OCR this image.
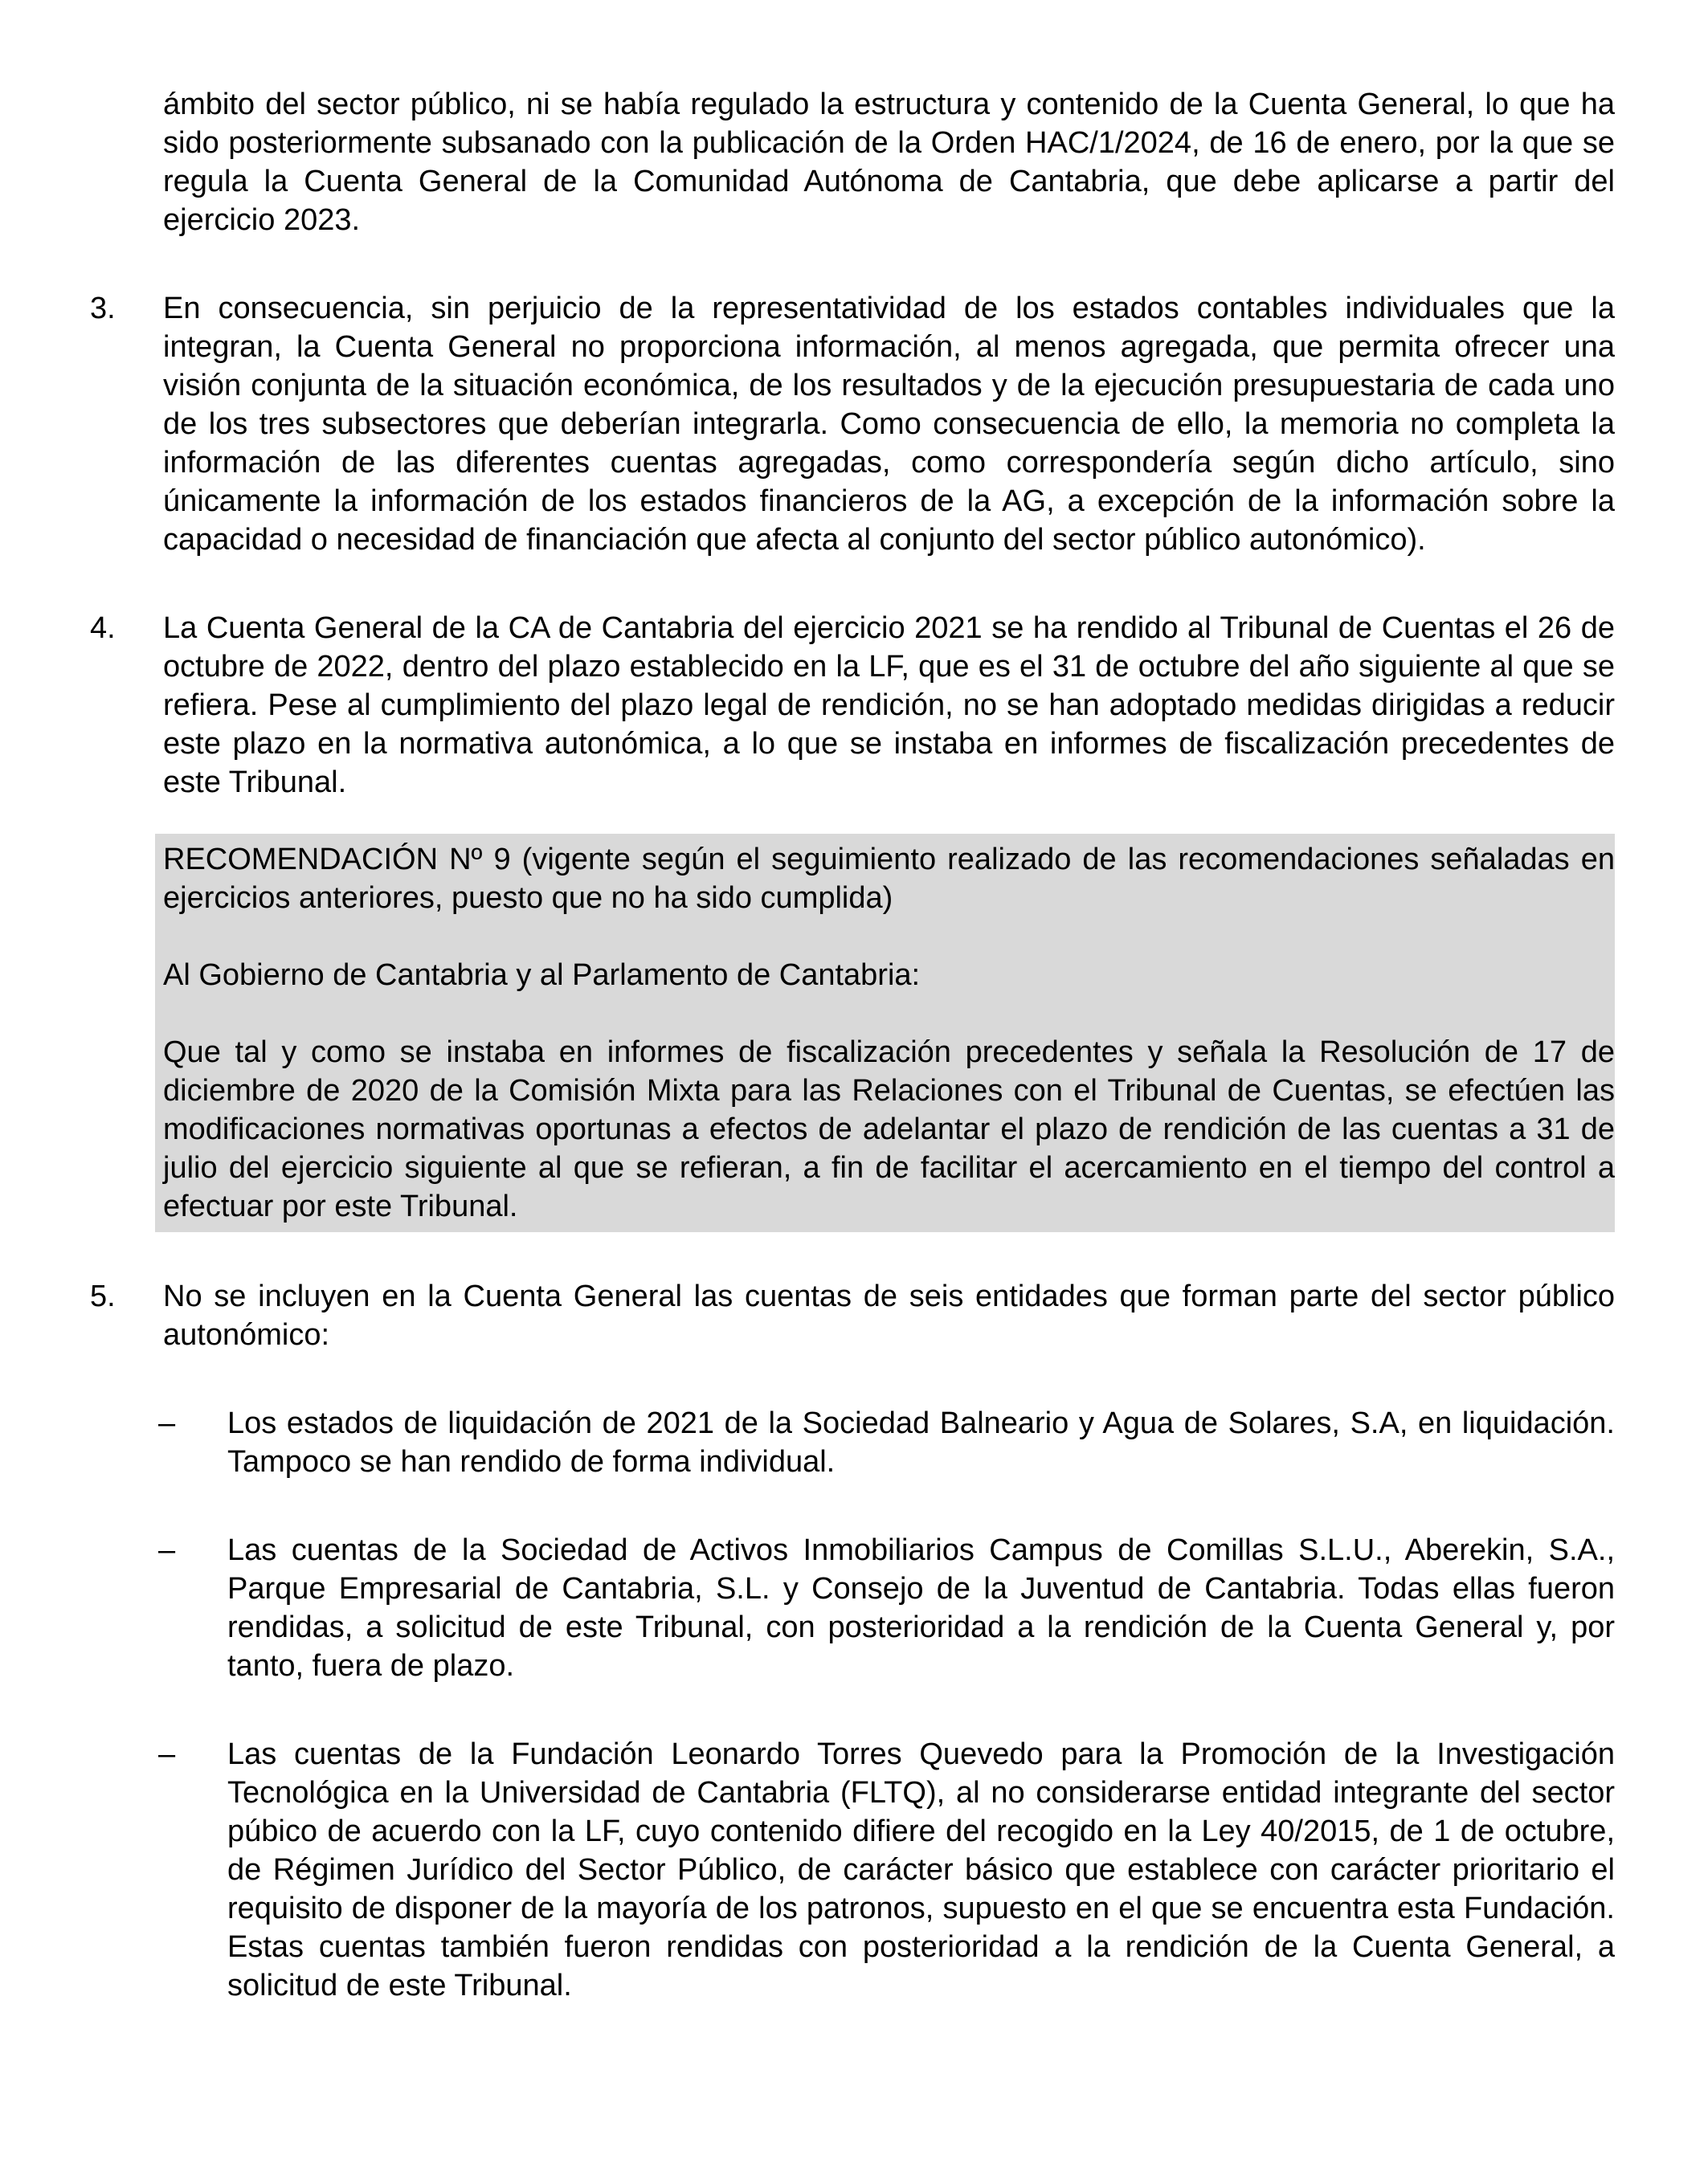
ámbito del sector público, ni se había regulado la estructura y contenido de la Cuenta General, lo que ha sido posteriormente subsanado con la publicación de la Orden HAC/1/2024, de 16 de enero, por la que se regula la Cuenta General de la Comunidad Autónoma de Cantabria, que debe aplicarse a partir del ejercicio 2023.

3. En consecuencia, sin perjuicio de la representatividad de los estados contables individuales que la integran, la Cuenta General no proporciona información, al menos agregada, que permita ofrecer una visión conjunta de la situación económica, de los resultados y de la ejecución presupuestaria de cada uno de los tres subsectores que deberían integrarla. Como consecuencia de ello, la memoria no completa la información de las diferentes cuentas agregadas, como correspondería según dicho artículo, sino únicamente la información de los estados financieros de la AG, a excepción de la información sobre la capacidad o necesidad de financiación que afecta al conjunto del sector público autonómico).

4. La Cuenta General de la CA de Cantabria del ejercicio 2021 se ha rendido al Tribunal de Cuentas el 26 de octubre de 2022, dentro del plazo establecido en la LF, que es el 31 de octubre del año siguiente al que se refiera. Pese al cumplimiento del plazo legal de rendición, no se han adoptado medidas dirigidas a reducir este plazo en la normativa autonómica, a lo que se instaba en informes de fiscalización precedentes de este Tribunal.

RECOMENDACIÓN Nº 9 (vigente según el seguimiento realizado de las recomendaciones señaladas en ejercicios anteriores, puesto que no ha sido cumplida)

Al Gobierno de Cantabria y al Parlamento de Cantabria:

Que tal y como se instaba en informes de fiscalización precedentes y señala la Resolución de 17 de diciembre de 2020 de la Comisión Mixta para las Relaciones con el Tribunal de Cuentas, se efectúen las modificaciones normativas oportunas a efectos de adelantar el plazo de rendición de las cuentas a 31 de julio del ejercicio siguiente al que se refieran, a fin de facilitar el acercamiento en el tiempo del control a efectuar por este Tribunal.

5. No se incluyen en la Cuenta General las cuentas de seis entidades que forman parte del sector público autonómico:

– Los estados de liquidación de 2021 de la Sociedad Balneario y Agua de Solares, S.A, en liquidación. Tampoco se han rendido de forma individual.
– Las cuentas de la Sociedad de Activos Inmobiliarios Campus de Comillas S.L.U., Aberekin, S.A., Parque Empresarial de Cantabria, S.L. y Consejo de la Juventud de Cantabria. Todas ellas fueron rendidas, a solicitud de este Tribunal, con posterioridad a la rendición de la Cuenta General y, por tanto, fuera de plazo.
– Las cuentas de la Fundación Leonardo Torres Quevedo para la Promoción de la Investigación Tecnológica en la Universidad de Cantabria (FLTQ), al no considerarse entidad integrante del sector púbico de acuerdo con la LF, cuyo contenido difiere del recogido en la Ley 40/2015, de 1 de octubre, de Régimen Jurídico del Sector Público, de carácter básico que establece con carácter prioritario el requisito de disponer de la mayoría de los patronos, supuesto en el que se encuentra esta Fundación. Estas cuentas también fueron rendidas con posterioridad a la rendición de la Cuenta General, a solicitud de este Tribunal.
